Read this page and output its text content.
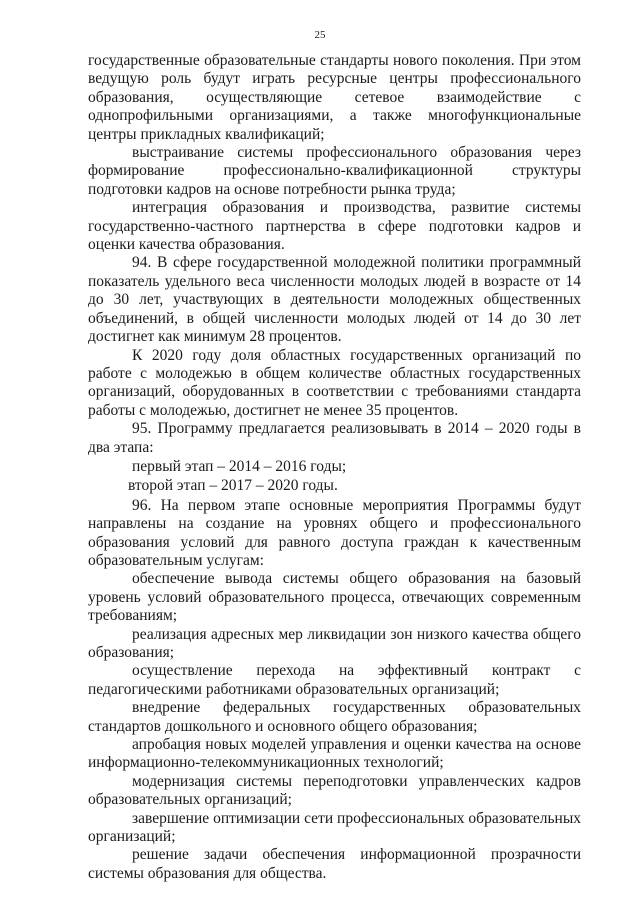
25

государственные образовательные стандарты нового поколения. При этом ведущую роль будут играть ресурсные центры профессионального образования, осуществляющие сетевое взаимодействие с однопрофильными организациями, а также многофункциональные центры прикладных квалификаций;

выстраивание системы профессионального образования через формирование профессионально-квалификационной структуры подготовки кадров на основе потребности рынка труда;

интеграция образования и производства, развитие системы государственно-частного партнерства в сфере подготовки кадров и оценки качества образования.

94. В сфере государственной молодежной политики программный показатель удельного веса численности молодых людей в возрасте от 14 до 30 лет, участвующих в деятельности молодежных общественных объединений, в общей численности молодых людей от 14 до 30 лет достигнет как минимум 28 процентов.

К 2020 году доля областных государственных организаций по работе с молодежью в общем количестве областных государственных организаций, оборудованных в соответствии с требованиями стандарта работы с молодежью, достигнет не менее 35 процентов.

95. Программу предлагается реализовывать в 2014 – 2020 годы в два этапа:

первый этап – 2014 – 2016 годы;

второй этап – 2017 – 2020 годы.

96. На первом этапе основные мероприятия Программы будут направлены на создание на уровнях общего и профессионального образования условий для равного доступа граждан к качественным образовательным услугам:

обеспечение вывода системы общего образования на базовый уровень условий образовательного процесса, отвечающих современным требованиям;

реализация адресных мер ликвидации зон низкого качества общего образования;

осуществление перехода на эффективный контракт с педагогическими работниками образовательных организаций;

внедрение федеральных государственных образовательных стандартов дошкольного и основного общего образования;

апробация новых моделей управления и оценки качества на основе информационно-телекоммуникационных технологий;

модернизация системы переподготовки управленческих кадров образовательных организаций;

завершение оптимизации сети профессиональных образовательных организаций;

решение задачи обеспечения информационной прозрачности системы образования для общества.
